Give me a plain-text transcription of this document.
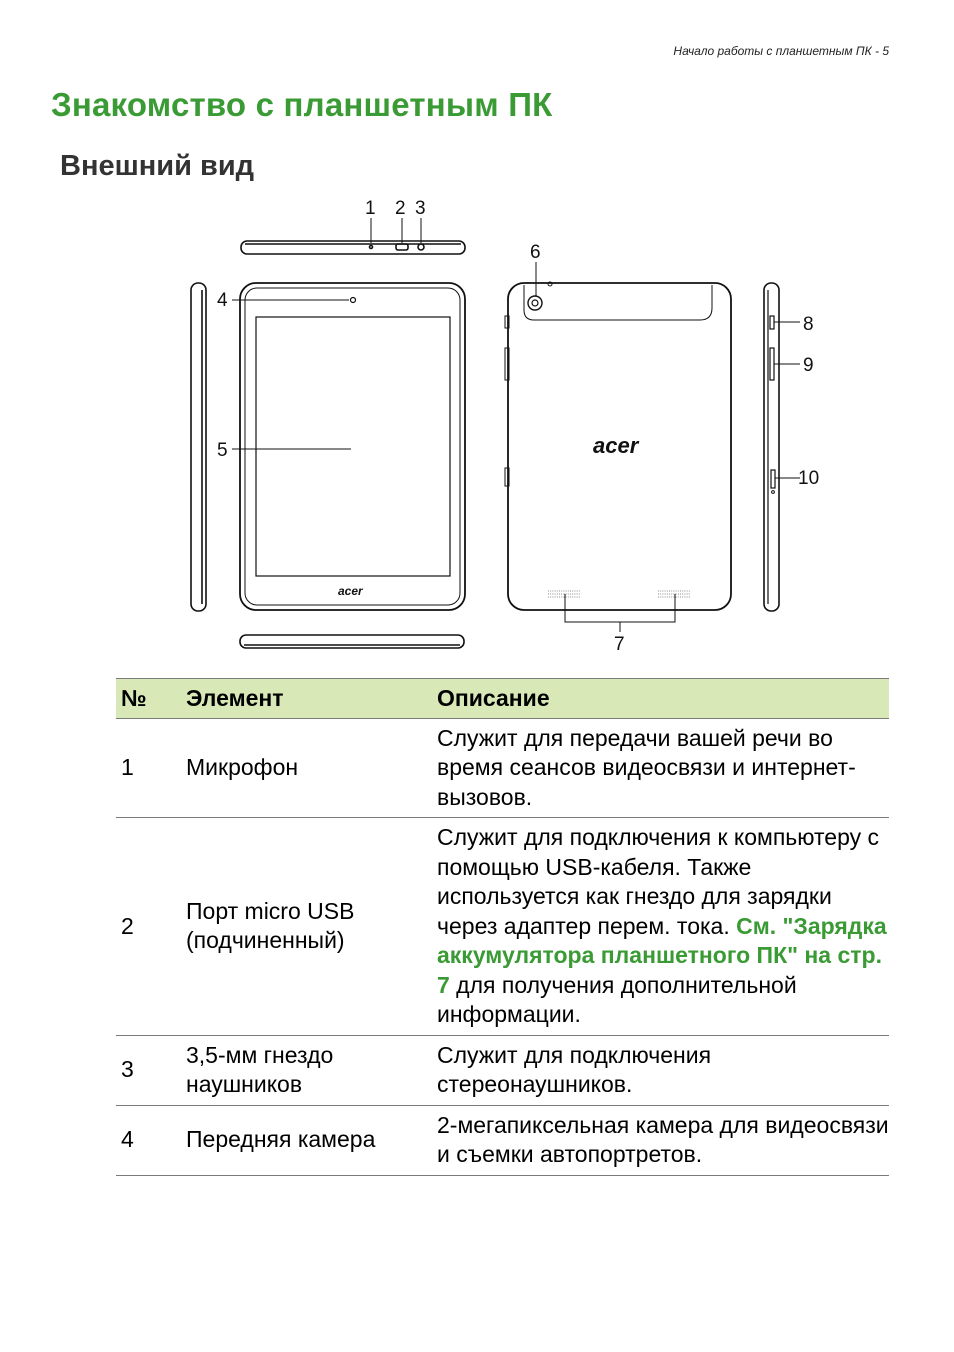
Начало работы с планшетным ПК - 5
Знакомство с планшетным ПК
Внешний вид
1 2 3
4
5
acer
6
7
acer
8
9
10
№	Элемент	Описание
1	Микрофон	Служит для передачи вашей речи во время сеансов видеосвязи и интернет-вызовов.
2	Порт micro USB (подчиненный)	Служит для подключения к компьютеру с помощью USB-кабеля. Также используется как гнездо для зарядки через адаптер перем. тока. См. "Зарядка аккумулятора планшетного ПК" на стр. 7 для получения дополнительной информации.
3	3,5-мм гнездо наушников	Служит для подключения стереонаушников.
4	Передняя камера	2-мегапиксельная камера для видеосвязи и съемки автопортретов.
